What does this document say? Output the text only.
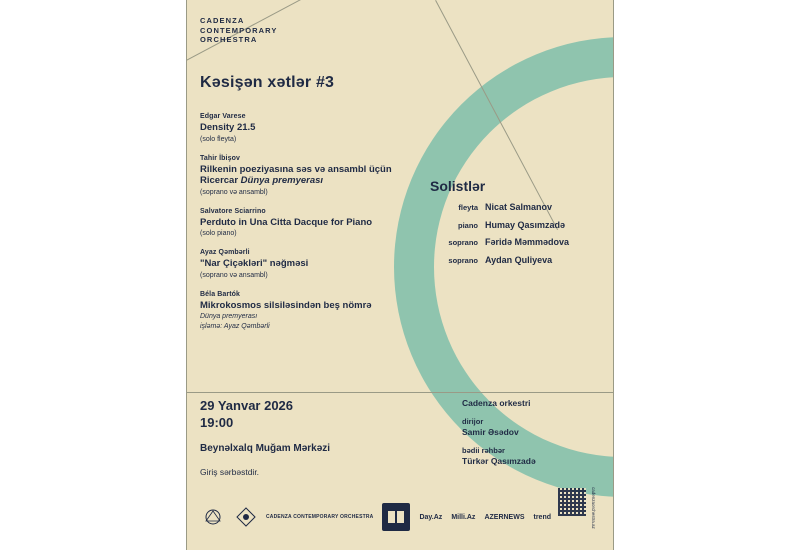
CADENZA
CONTEMPORARY
ORCHESTRA
Kəsişən xətlər #3
Edgar Varese
Density 21.5
(solo fleyta)
Tahir İbişov
Rilkenin poeziyasına səs və ansambl üçün Ricercar Dünya premyerası
(soprano və ansambl)
Salvatore Sciarrino
Perduto in Una Citta Dacque for Piano
(solo piano)
Ayaz Qəmbərli
"Nar Çiçəkləri" nəğməsi
(soprano və ansambl)
Béla Bartók
Mikrokosmos silsiləsindən beş nömrə
Dünya premyerası
işləmə: Ayaz Qəmbərli
Solistlər
fleyta Nicat Salmanov
piano Humay Qasımzadə
soprano Fəridə Məmmədova
soprano Aydan Quliyeva
29 Yanvar 2026
19:00
Beynəlxalq Muğam Mərkəzi
Giriş sərbəstdir.
Cadenza orkestri
dirijor
Samir Əsədov
bədii rəhbər
Türkər Qasımzadə
CADENZA CONTEMPORARY ORCHESTRA	Day.Az Milli.Az AZERNEWS trend	cadenzaorchestra.az
